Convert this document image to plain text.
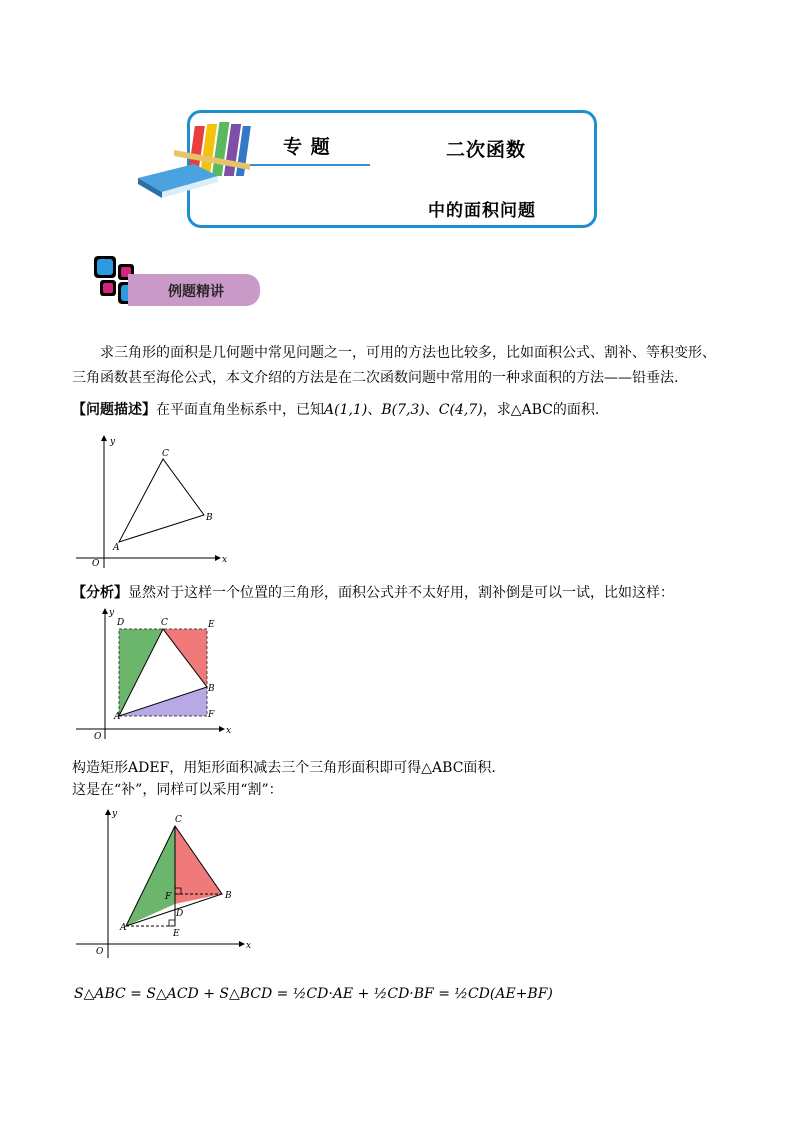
专 题	二次函数
中的面积问题
例题精讲
求三角形的面积是几何题中常见问题之一，可用的方法也比较多，比如面积公式、割补、等积变形、
三角函数甚至海伦公式，本文介绍的方法是在二次函数问题中常用的一种求面积的方法——铅垂法.
【问题描述】在平面直角坐标系中，已知A(1,1)、B(7,3)、C(4,7)，求△ABC的面积.
x
y
O
A
B
C
【分析】显然对于这样一个位置的三角形，面积公式并不太好用，割补倒是可以一试，比如这样：
x
y
O
A
B
C
D	E
F
构造矩形ADEF，用矩形面积减去三个三角形面积即可得△ABC面积.
这是在“补”，同样可以采用“割”：
x
y
O
A
B
C
D
E
F
S△ABC = S△ACD + S△BCD = ½CD·AE + ½CD·BF = ½CD(AE+BF)
